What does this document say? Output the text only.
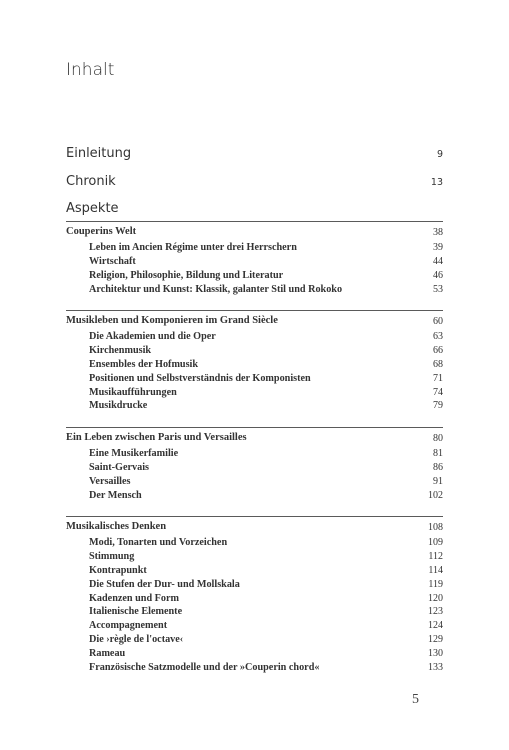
Inhalt
Einleitung	9
Chronik	13
Aspekte
Couperins Welt	38
Leben im Ancien Régime unter drei Herrschern	39
Wirtschaft	44
Religion, Philosophie, Bildung und Literatur	46
Architektur und Kunst: Klassik, galanter Stil und Rokoko	53
Musikleben und Komponieren im Grand Siècle	60
Die Akademien und die Oper	63
Kirchenmusik	66
Ensembles der Hofmusik	68
Positionen und Selbstverständnis der Komponisten	71
Musikaufführungen	74
Musikdrucke	79
Ein Leben zwischen Paris und Versailles	80
Eine Musikerfamilie	81
Saint-Gervais	86
Versailles	91
Der Mensch	102
Musikalisches Denken	108
Modi, Tonarten und Vorzeichen	109
Stimmung	112
Kontrapunkt	114
Die Stufen der Dur- und Mollskala	119
Kadenzen und Form	120
Italienische Elemente	123
Accompagnement	124
Die ›règle de l'octave‹	129
Rameau	130
Französische Satzmodelle und der »Couperin chord«	133
5
